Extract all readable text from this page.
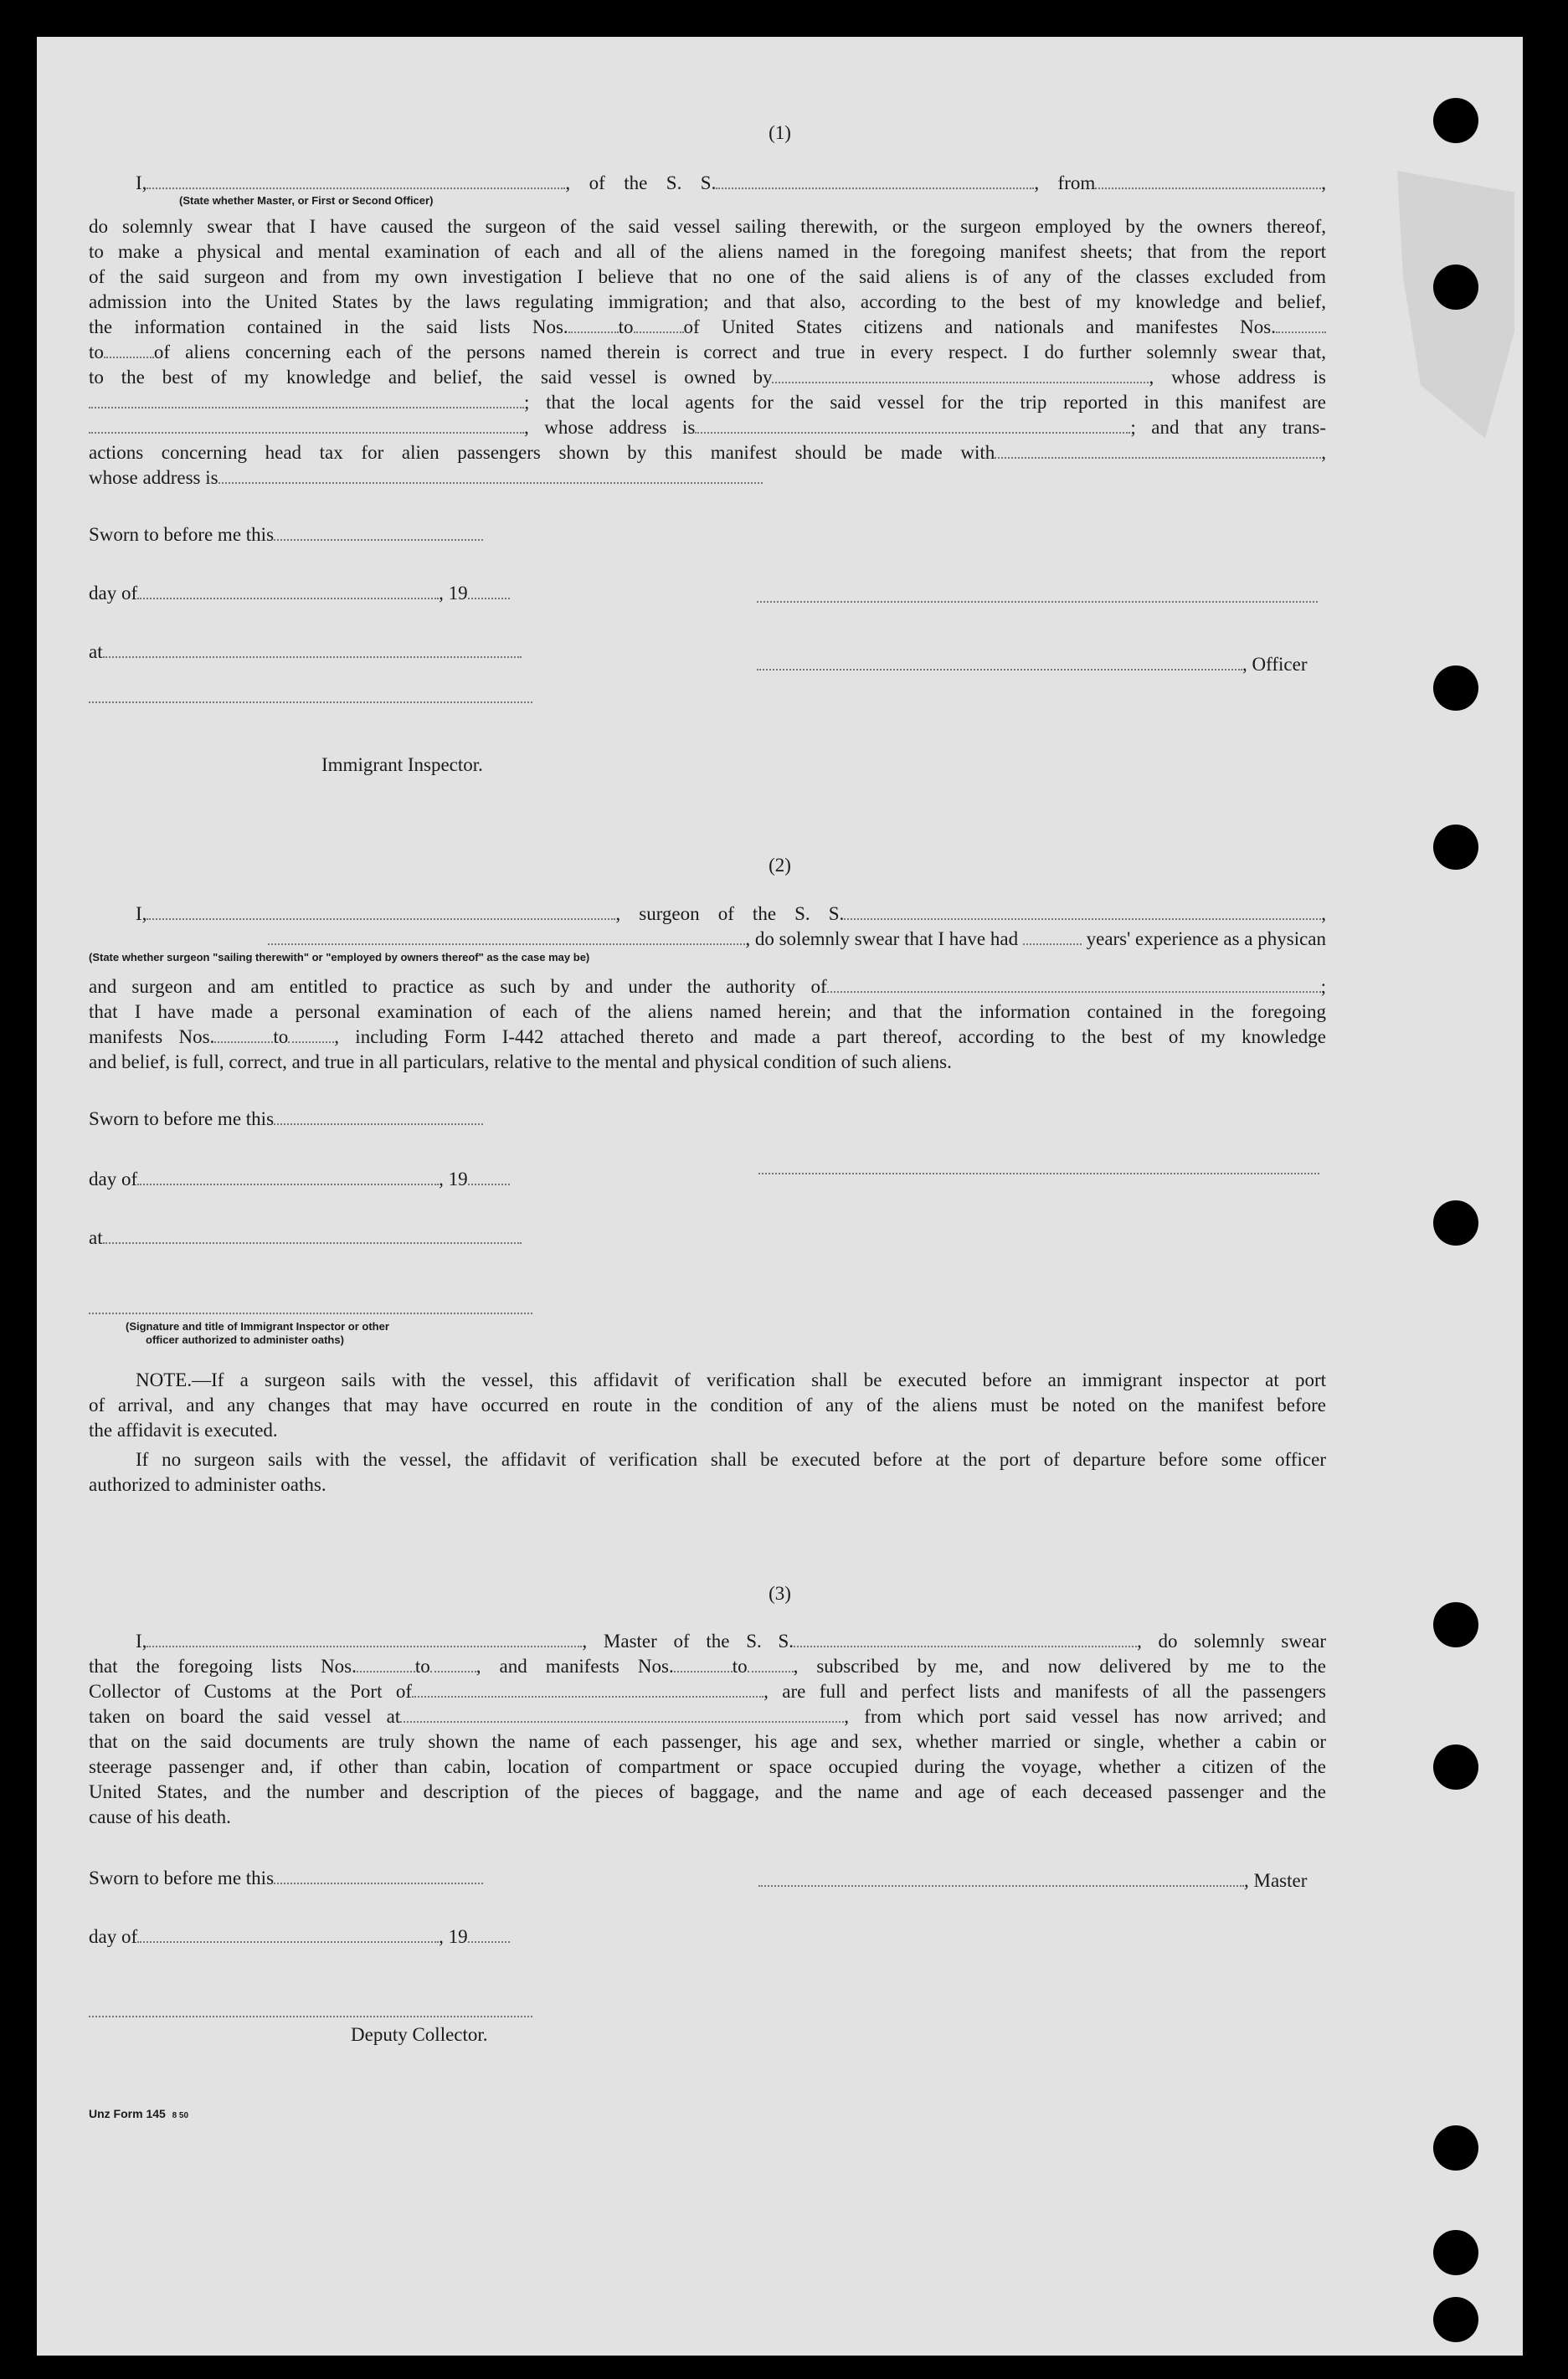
(1)

I,	, of the S. S.	, from	,

(State whether Master, or First or Second Officer)

do solemnly swear that I have caused the surgeon of the said vessel sailing therewith, or the surgeon employed by the owners thereof,

to make a physical and mental examination of each and all of the aliens named in the foregoing manifest sheets; that from the report

of the said surgeon and from my own investigation I believe that no one of the said aliens is of any of the classes excluded from

admission into the United States by the laws regulating immigration; and that also, according to the best of my knowledge and belief,

the information contained in the said lists Nos.	to	of United States citizens and nationals and manifestes Nos.

to	of aliens concerning each of the persons named therein is correct and true in every respect. I do further solemnly swear that,

to the best of my knowledge and belief, the said vessel is owned by	, whose address is

; that the local agents for the said vessel for the trip reported in this manifest are

, whose address is	; and that any trans-

actions concerning head tax for alien passengers shown by this manifest should be made with	,

whose address is

Sworn to before me this

day of	, 19

at

, Officer

Immigrant Inspector.

(2)

I,	, surgeon of the S. S.	,

, do solemnly swear that I have had	years' experience as a physican

(State whether surgeon "sailing therewith" or "employed by owners thereof" as the case may be)

and surgeon and am entitled to practice as such by and under the authority of	;

that I have made a personal examination of each of the aliens named herein; and that the information contained in the foregoing

manifests Nos.	to , including Form I-442 attached thereto and made a part thereof, according to the best of my knowledge

and belief, is full, correct, and true in all particulars, relative to the mental and physical condition of such aliens.

Sworn to before me this

day of	, 19

at

(Signature and title of Immigrant Inspector or other
officer authorized to administer oaths)

NOTE.—If a surgeon sails with the vessel, this affidavit of verification shall be executed before an immigrant inspector at port

of arrival, and any changes that may have occurred en route in the condition of any of the aliens must be noted on the manifest before

the affidavit is executed.

If no surgeon sails with the vessel, the affidavit of verification shall be executed before at the port of departure before some officer

authorized to administer oaths.

(3)

I,	, Master of the S. S.	, do solemnly swear

that the foregoing lists Nos.	to , and manifests Nos.	to , subscribed by me, and now delivered by me to the

Collector of Customs at the Port of	, are full and perfect lists and manifests of all the passengers

taken on board the said vessel at	, from which port said vessel has now arrived; and

that on the said documents are truly shown the name of each passenger, his age and sex, whether married or single, whether a cabin or

steerage passenger and, if other than cabin, location of compartment or space occupied during the voyage, whether a citizen of the

United States, and the number and description of the pieces of baggage, and the name and age of each deceased passenger and the

cause of his death.

Sworn to before me this	, Master

day of	, 19

Deputy Collector.

Unz Form 145 8 50
